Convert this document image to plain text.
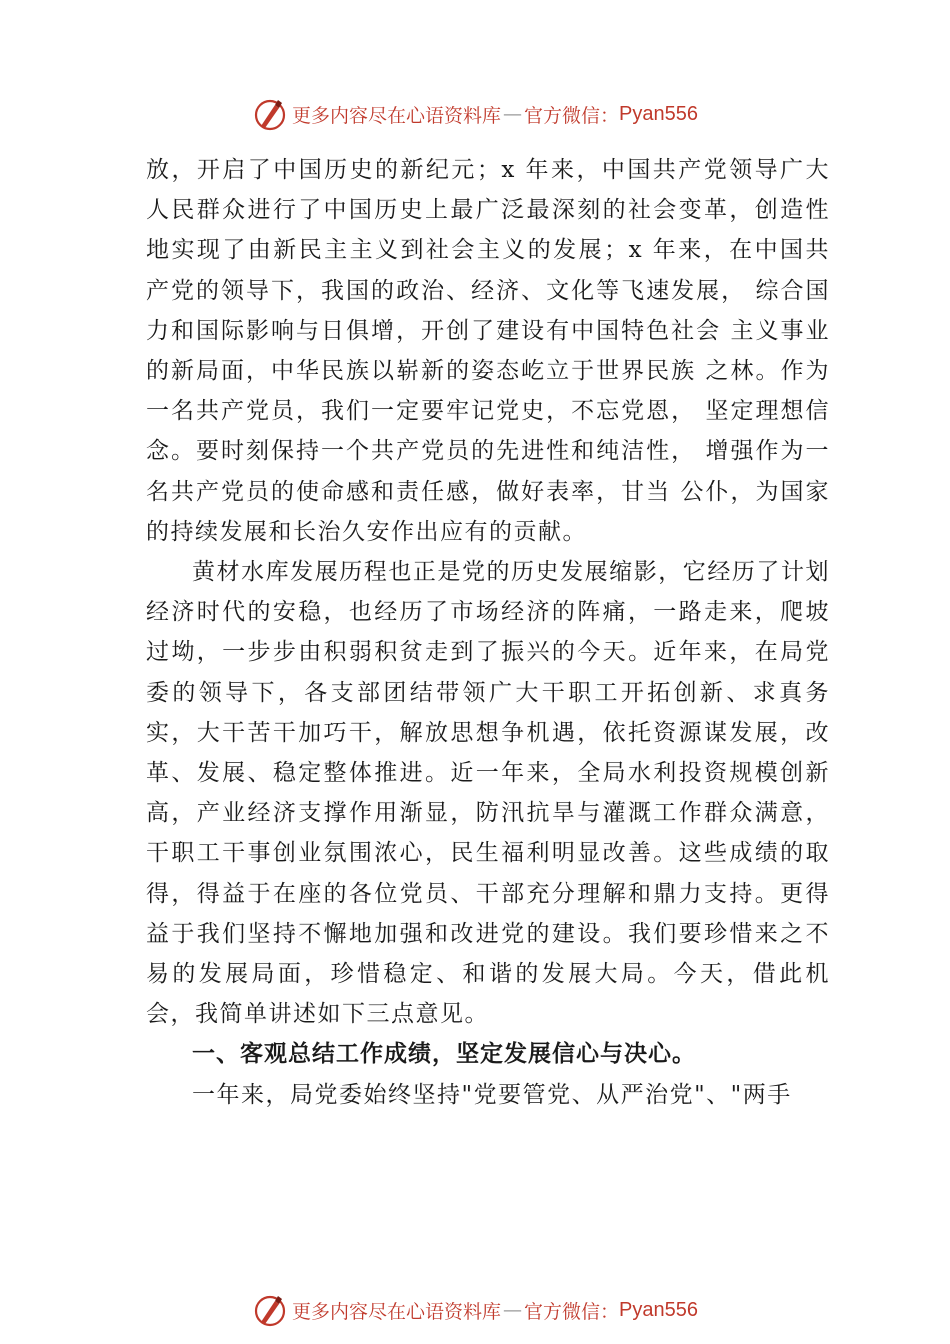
更多内容尽在心语资料库 — 官方微信： Pyan556

放，开启了中国历史的新纪元；x 年来，中国共产党领导广大人民群众进行了中国历史上最广泛最深刻的社会变革，创造性地实现了由新民主主义到社会主义的发展；x 年来，在中国共产党的领导下，我国的政治、经济、文化等飞速发展， 综合国力和国际影响与日俱增，开创了建设有中国特色社会 主义事业的新局面，中华民族以崭新的姿态屹立于世界民族 之林。作为一名共产党员，我们一定要牢记党史，不忘党恩， 坚定理想信念。要时刻保持一个共产党员的先进性和纯洁性， 增强作为一名共产党员的使命感和责任感，做好表率，甘当 公仆，为国家的持续发展和长治久安作出应有的贡献。

黄材水库发展历程也正是党的历史发展缩影，它经历了计划经济时代的安稳，也经历了市场经济的阵痛，一路走来，爬坡过坳，一步步由积弱积贫走到了振兴的今天。近年来，在局党委的领导下，各支部团结带领广大干职工开拓创新、求真务实，大干苦干加巧干，解放思想争机遇，依托资源谋发展，改革、发展、稳定整体推进。近一年来，全局水利投资规模创新高，产业经济支撑作用渐显，防汛抗旱与灌溉工作群众满意，干职工干事创业氛围浓心，民生福利明显改善。这些成绩的取得，得益于在座的各位党员、干部充分理解和鼎力支持。更得益于我们坚持不懈地加强和改进党的建设。我们要珍惜来之不易的发展局面，珍惜稳定、和谐的发展大局。今天，借此机会，我简单讲述如下三点意见。

一、客观总结工作成绩，坚定发展信心与决心。

一年来，局党委始终坚持"党要管党、从严治党"、"两手

更多内容尽在心语资料库 — 官方微信： Pyan556
